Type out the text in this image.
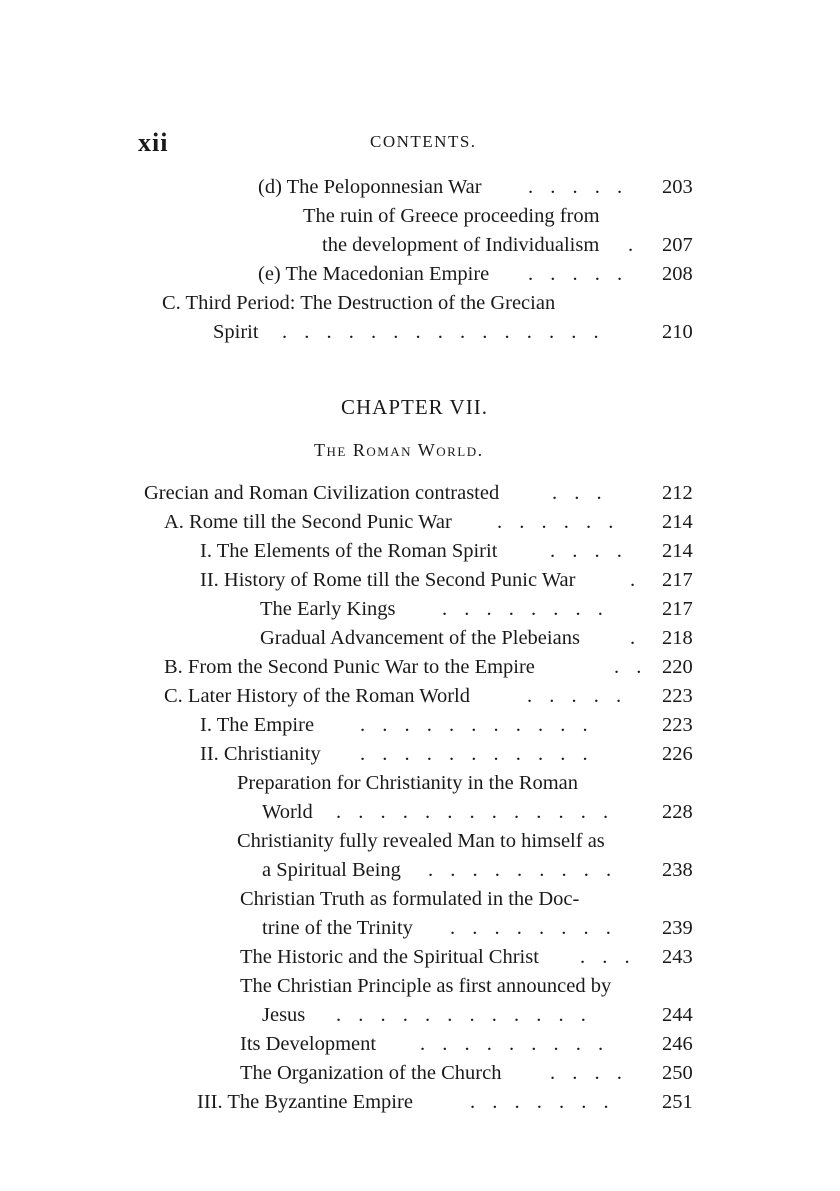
xii	CONTENTS.
(d) The Peloponnesian War . . . . . 203
The ruin of Greece proceeding from
the development of Individualism . 207
(e) The Macedonian Empire . . . . . 208
C. Third Period: The Destruction of the Grecian
Spirit . . . . . . . . . . . . . . .	210
CHAPTER VII.
The Roman World.
Grecian and Roman Civilization contrasted	. . .	212
A. Rome till the Second Punic War . . . . . . 214
I. The Elements of the Roman Spirit	. . . . 214
II. History of Rome till the Second Punic War	. 217
The Early Kings . . . . . . . .	217
Gradual Advancement of the Plebeians . 218
B. From the Second Punic War to the Empire	. . 220
C. Later History of the Roman World	. . . . . 223
I. The Empire . . . . . . . . . . .	223
II. Christianity . . . . . . . . . . .	226
Preparation for Christianity in the Roman
World . . . . . . . . . . . . . 228
Christianity fully revealed Man to himself as
a Spiritual Being . . . . . . . . . 238
Christian Truth as formulated in the Doc-
trine of the Trinity . . . . . . . . 239
The Historic and the Spiritual Christ . . . 243
The Christian Principle as first announced by
Jesus . . . . . . . . . . . .	244
Its Development . . . . . . . . .	246
The Organization of the Church . . . . 250
III. The Byzantine Empire	. . . . . . . 251
